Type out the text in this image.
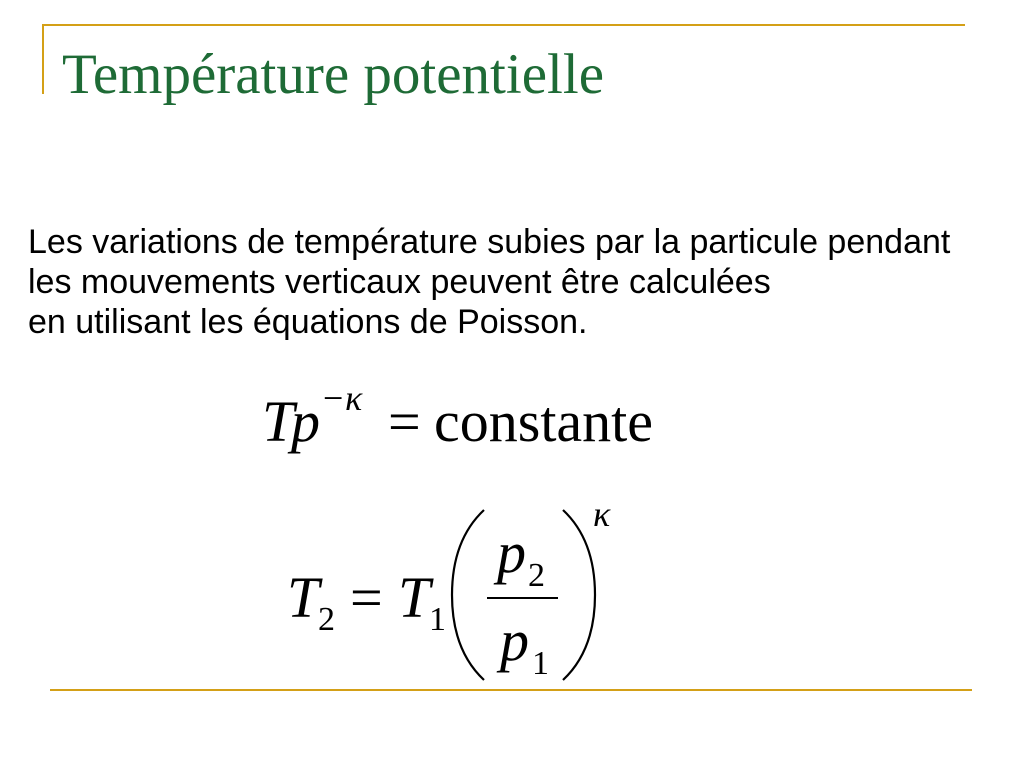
Température potentielle
Les variations de température subies par la particule pendant
les mouvements verticaux peuvent être calculées
en utilisant les équations de Poisson.
T
p − κ = constante
T
2 = T
1
p 2
p 1
κ
